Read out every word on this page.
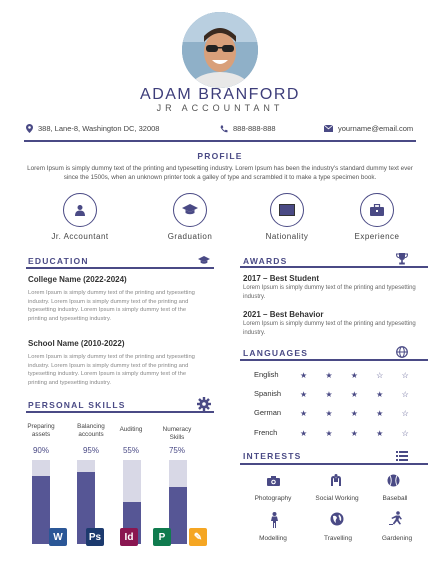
ADAM BRANFORD
JR ACCOUNTANT
388, Lane-8, Washington DC, 32008	888-888-888	yourname@email.com
PROFILE
Lorem Ipsum is simply dummy text of the printing and typesetting industry. Lorem Ipsum has been the industry's standard dummy text ever since the 1500s, when an unknown printer took a galley of type and scrambled it to make a type specimen book.
Jr. Accountant	Graduation	Nationality	Experience
EDUCATION
College Name (2022-2024)
Lorem Ipsum is simply dummy text of the printing and typesetting industry. Lorem Ipsum is simply dummy text of the printing and typesetting industry. Lorem Ipsum is simply dummy text of the printing and typesetting industry.
School Name (2010-2022)
Lorem Ipsum is simply dummy text of the printing and typesetting industry. Lorem Ipsum is simply dummy text of the printing and typesetting industry. Lorem Ipsum is simply dummy text of the printing and typesetting industry.
PERSONAL SKILLS
Preparing assets
90%
Balancing accounts
95%
Auditing
55%
Numeracy Skills
75%
W	Ps	Id	P	✎
AWARDS
2017 – Best Student
Lorem Ipsum is simply dummy text of the printing and typesetting industry.
2021 – Best Behavior
Lorem Ipsum is simply dummy text of the printing and typesetting industry.
LANGUAGES
English	★ ★ ★ ☆ ☆
Spanish ★ ★ ★ ★ ☆
German ★ ★ ★ ★ ☆
French	★ ★ ★ ★ ☆
INTERESTS
Photography	Social Working	Baseball
Modelling	Travelling	Gardening
